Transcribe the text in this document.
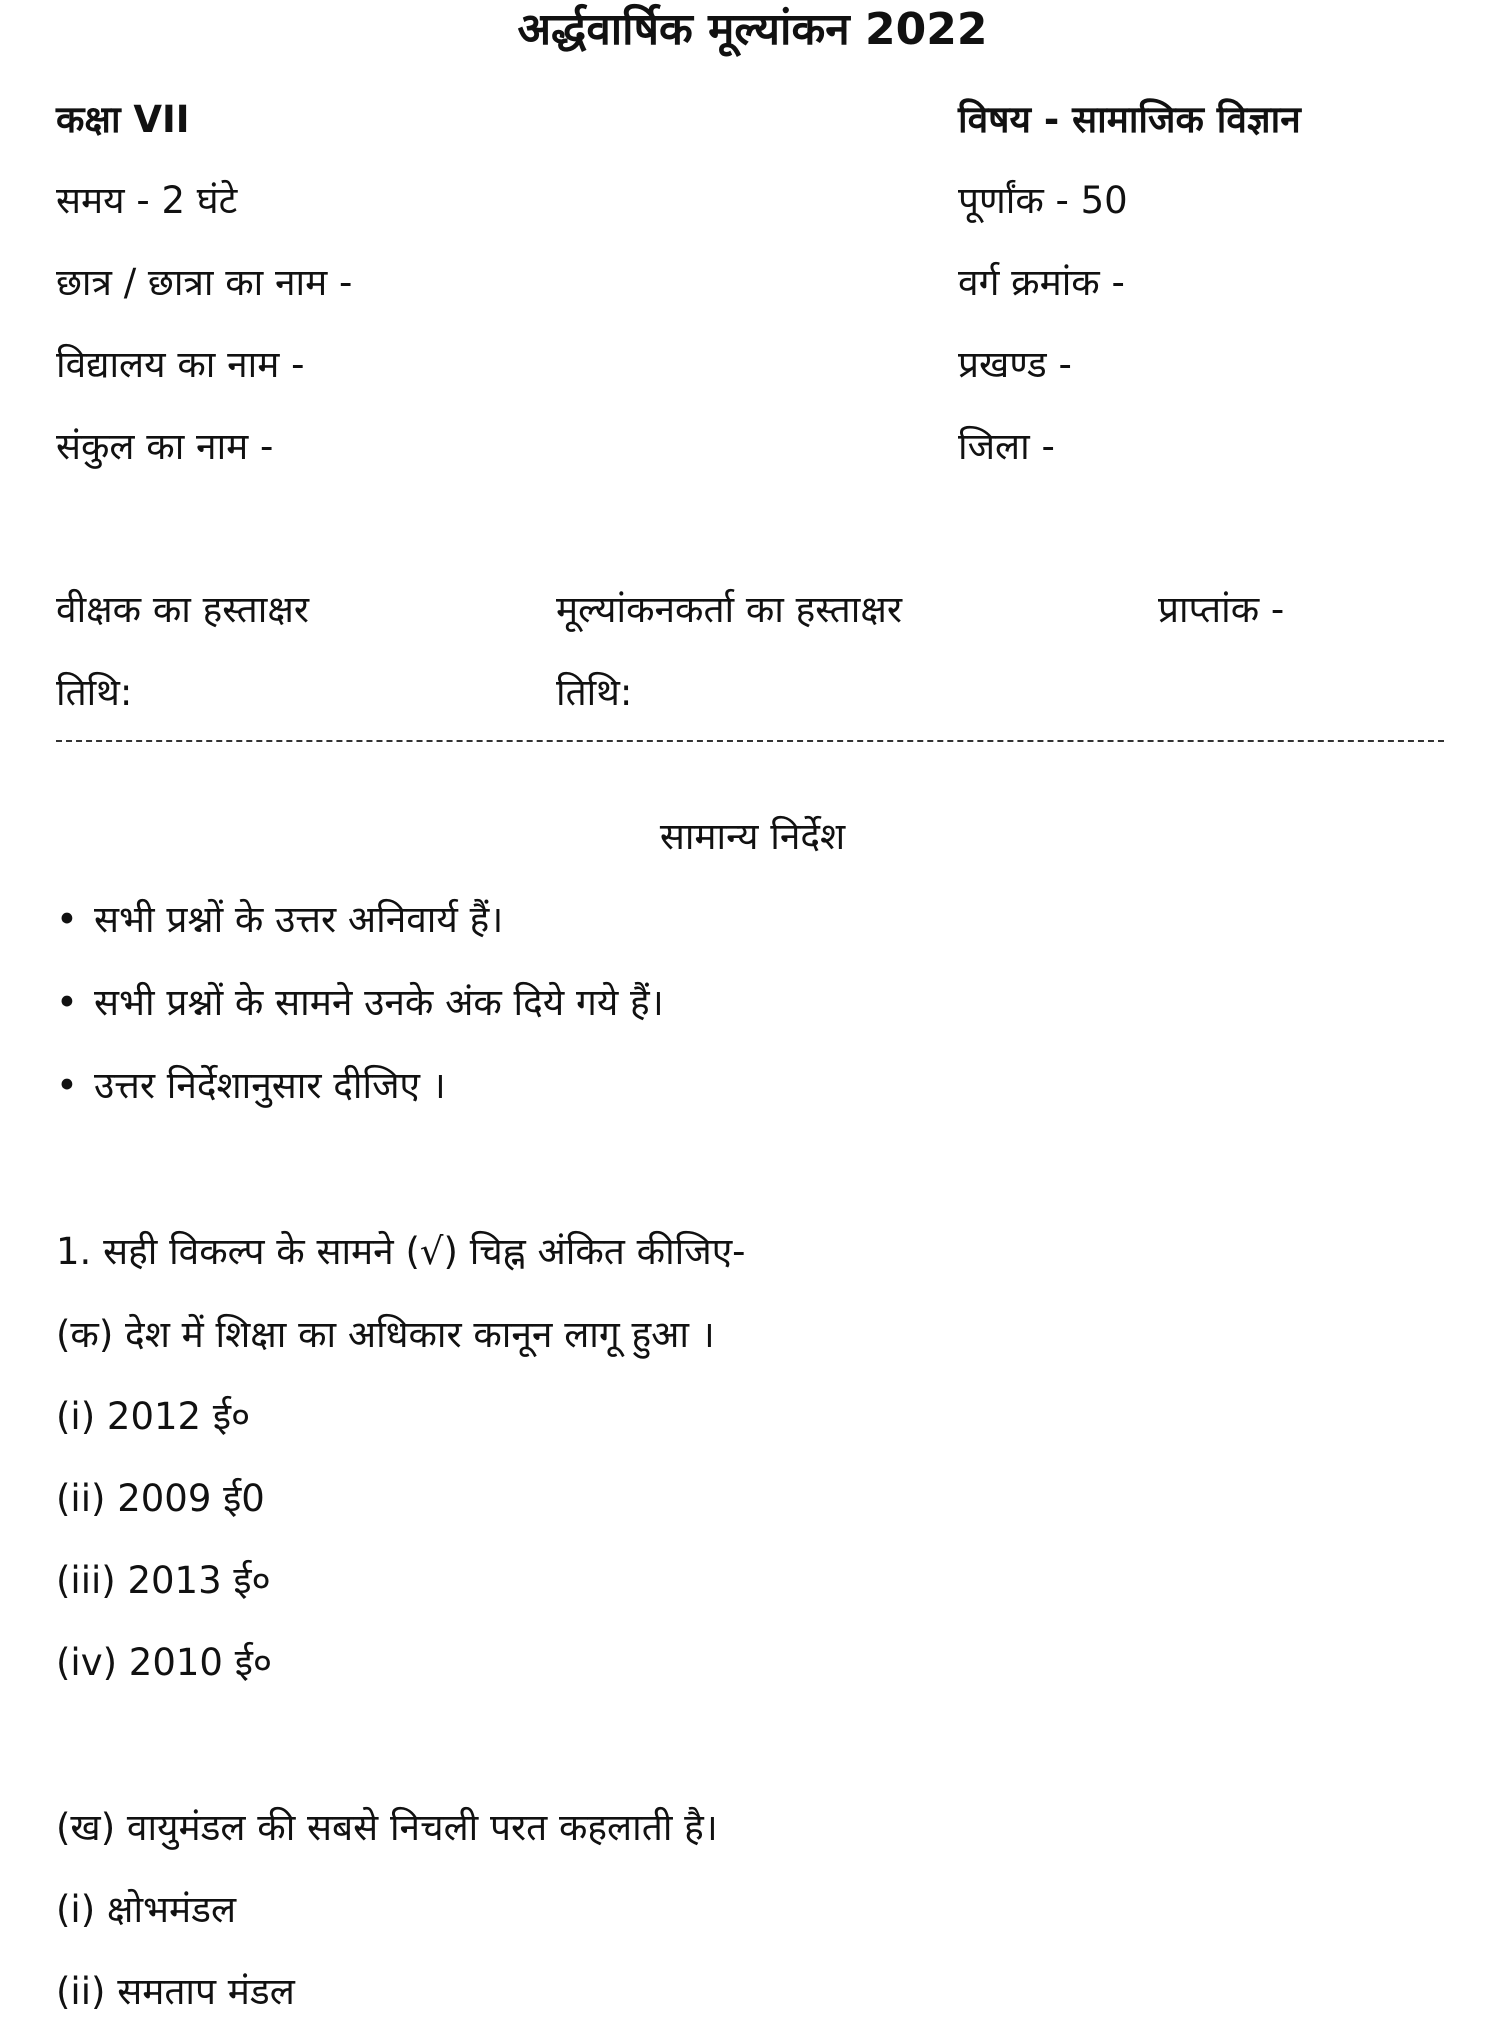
अर्द्धवार्षिक मूल्यांकन 2022
कक्षा VII	विषय - सामाजिक विज्ञान
समय - 2 घंटे	पूर्णांक - 50
छात्र / छात्रा का नाम -	वर्ग क्रमांक -
विद्यालय का नाम -	प्रखण्ड -
संकुल का नाम -	जिला -
वीक्षक का हस्ताक्षर	मूल्यांकनकर्ता का हस्ताक्षर	प्राप्तांक -
तिथि:	तिथि:
सामान्य निर्देश
• सभी प्रश्नों के उत्तर अनिवार्य हैं।
• सभी प्रश्नों के सामने उनके अंक दिये गये हैं।
• उत्तर निर्देशानुसार दीजिए ।
1. सही विकल्प के सामने (√) चिह्न अंकित कीजिए-
(क) देश में शिक्षा का अधिकार कानून लागू हुआ ।
(i) 2012 ई०
(ii) 2009 ई0
(iii) 2013 ई०
(iv) 2010 ई०
(ख) वायुमंडल की सबसे निचली परत कहलाती है।
(i) क्षोभमंडल
(ii) समताप मंडल
